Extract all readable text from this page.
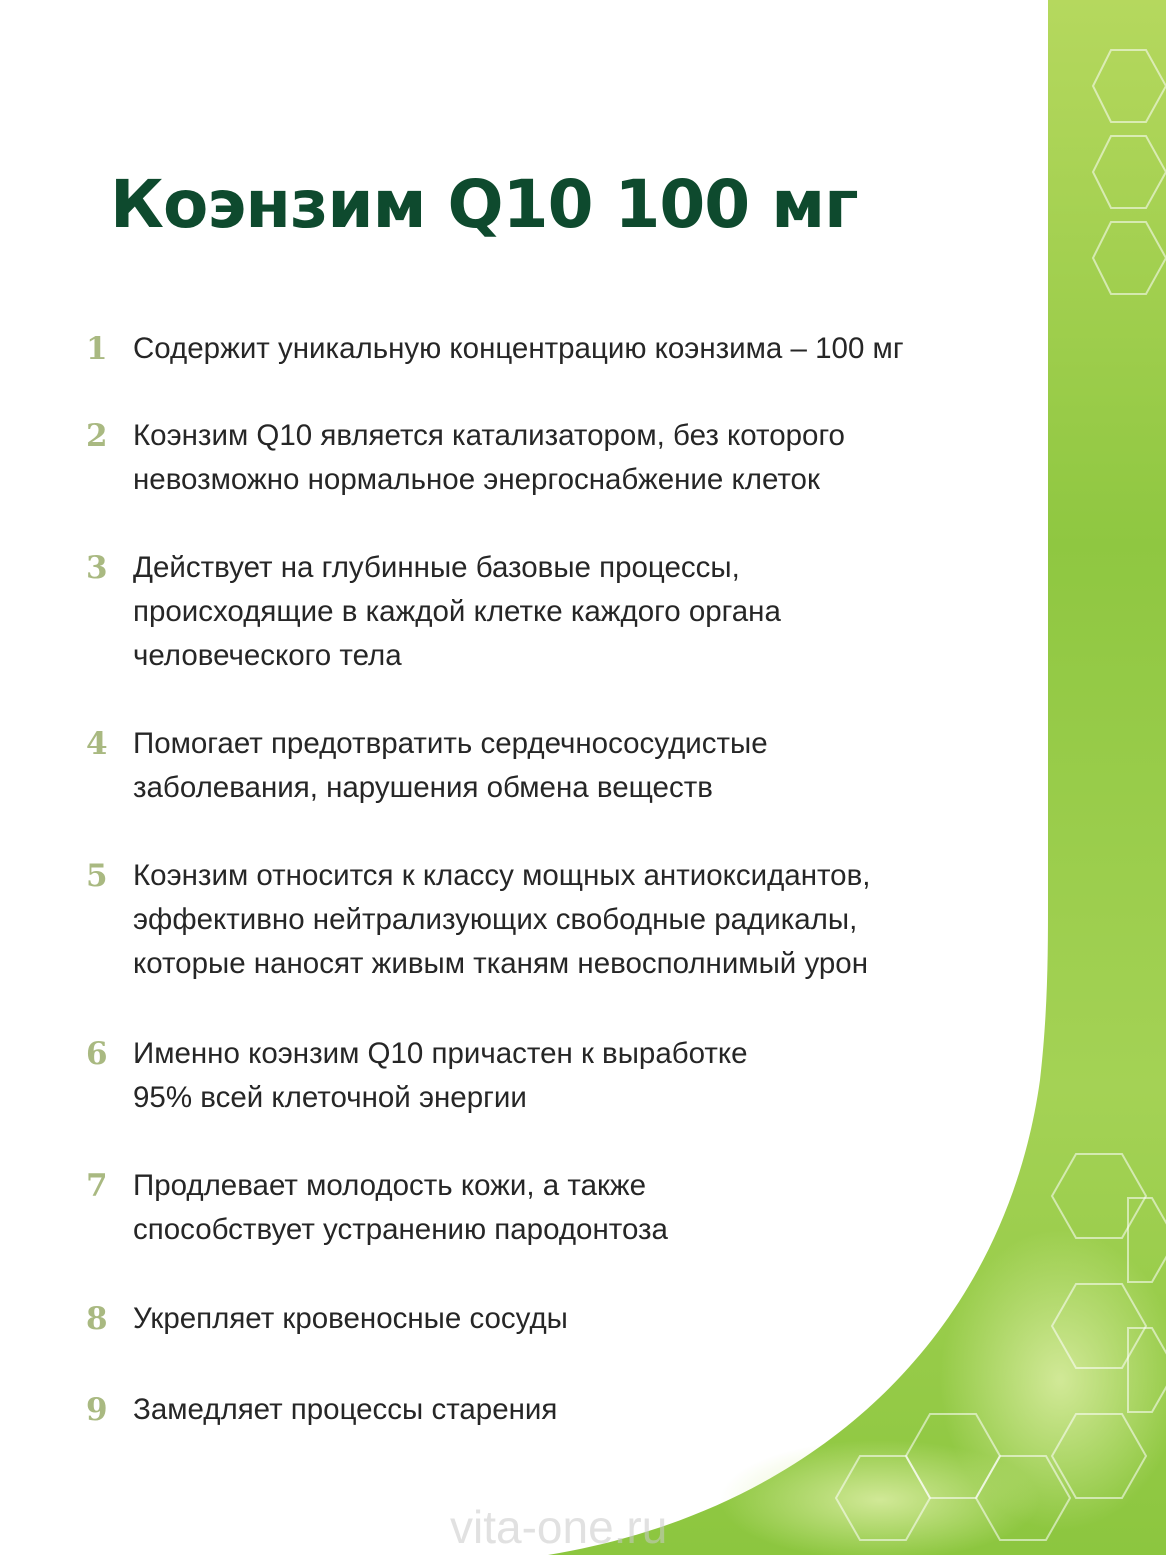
Коэнзим Q10 100 мг
1 Содержит уникальную концентрацию коэнзима – 100 мг
2 Коэнзим Q10 является катализатором, без которого
невозможно нормальное энергоснабжение клеток
3 Действует на глубинные базовые процессы,
происходящие в каждой клетке каждого органа
человеческого тела
4 Помогает предотвратить сердечнососудистые
заболевания, нарушения обмена веществ
5 Коэнзим относится к классу мощных антиоксидантов,
эффективно нейтрализующих свободные радикалы,
которые наносят живым тканям невосполнимый урон
6 Именно коэнзим Q10 причастен к выработке
95% всей клеточной энергии
7 Продлевает молодость кожи, а также
способствует устранению пародонтоза
8 Укрепляет кровеносные сосуды
9 Замедляет процессы старения
vita-one.ru
